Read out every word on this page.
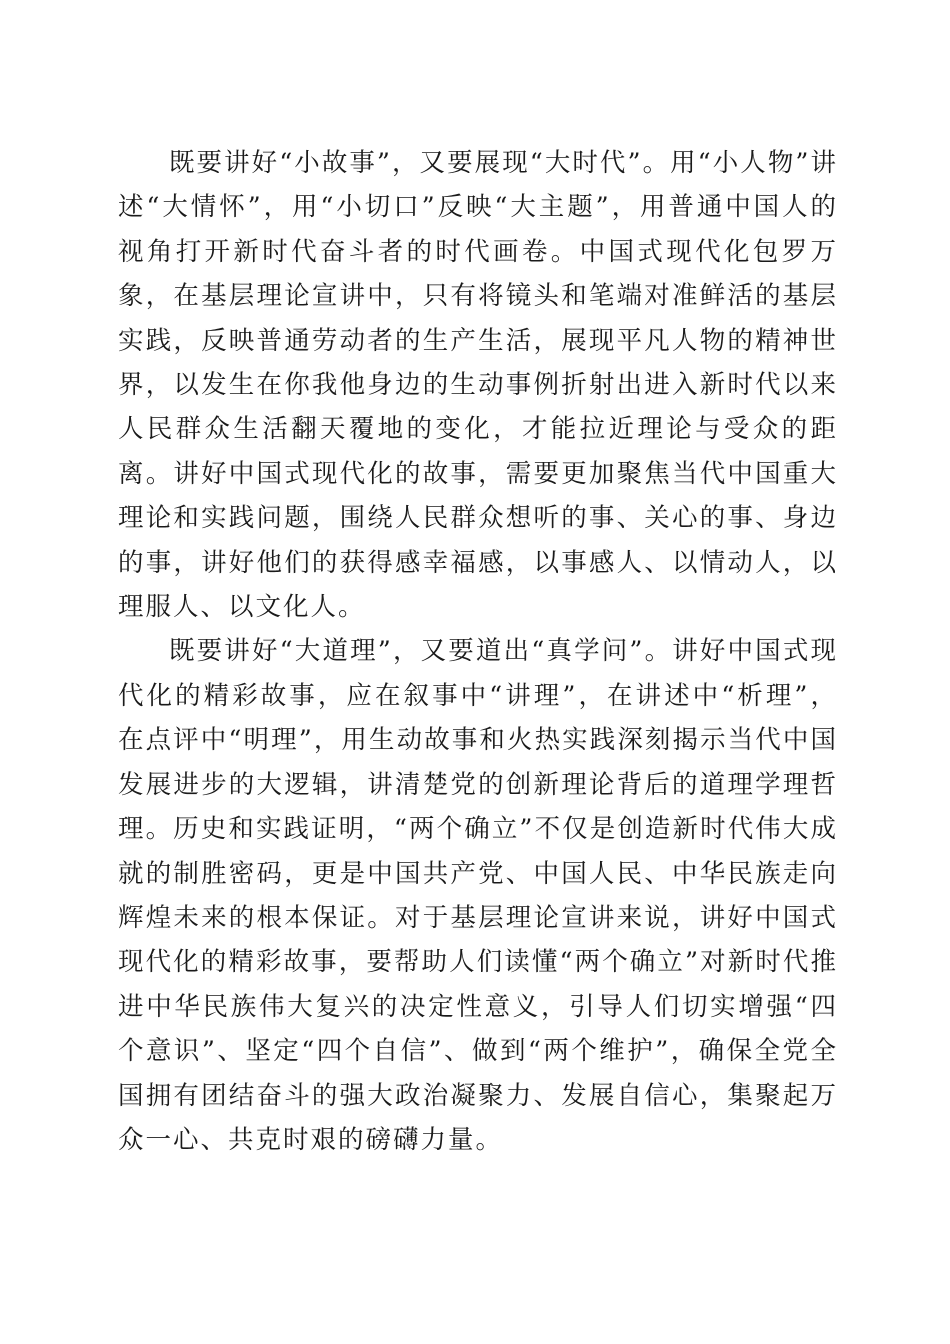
既要讲好“小故事”，又要展现“大时代”。用“小人物”讲述“大情怀”，用“小切口”反映“大主题”，用普通中国人的视角打开新时代奋斗者的时代画卷。中国式现代化包罗万象，在基层理论宣讲中，只有将镜头和笔端对准鲜活的基层实践，反映普通劳动者的生产生活，展现平凡人物的精神世界，以发生在你我他身边的生动事例折射出进入新时代以来人民群众生活翻天覆地的变化，才能拉近理论与受众的距离。讲好中国式现代化的故事，需要更加聚焦当代中国重大理论和实践问题，围绕人民群众想听的事、关心的事、身边的事，讲好他们的获得感幸福感，以事感人、以情动人，以理服人、以文化人。

既要讲好“大道理”，又要道出“真学问”。讲好中国式现代化的精彩故事，应在叙事中“讲理”，在讲述中“析理”，在点评中“明理”，用生动故事和火热实践深刻揭示当代中国发展进步的大逻辑，讲清楚党的创新理论背后的道理学理哲理。历史和实践证明，“两个确立”不仅是创造新时代伟大成就的制胜密码，更是中国共产党、中国人民、中华民族走向辉煌未来的根本保证。对于基层理论宣讲来说，讲好中国式现代化的精彩故事，要帮助人们读懂“两个确立”对新时代推进中华民族伟大复兴的决定性意义，引导人们切实增强“四个意识”、坚定“四个自信”、做到“两个维护”，确保全党全国拥有团结奋斗的强大政治凝聚力、发展自信心，集聚起万众一心、共克时艰的磅礴力量。
